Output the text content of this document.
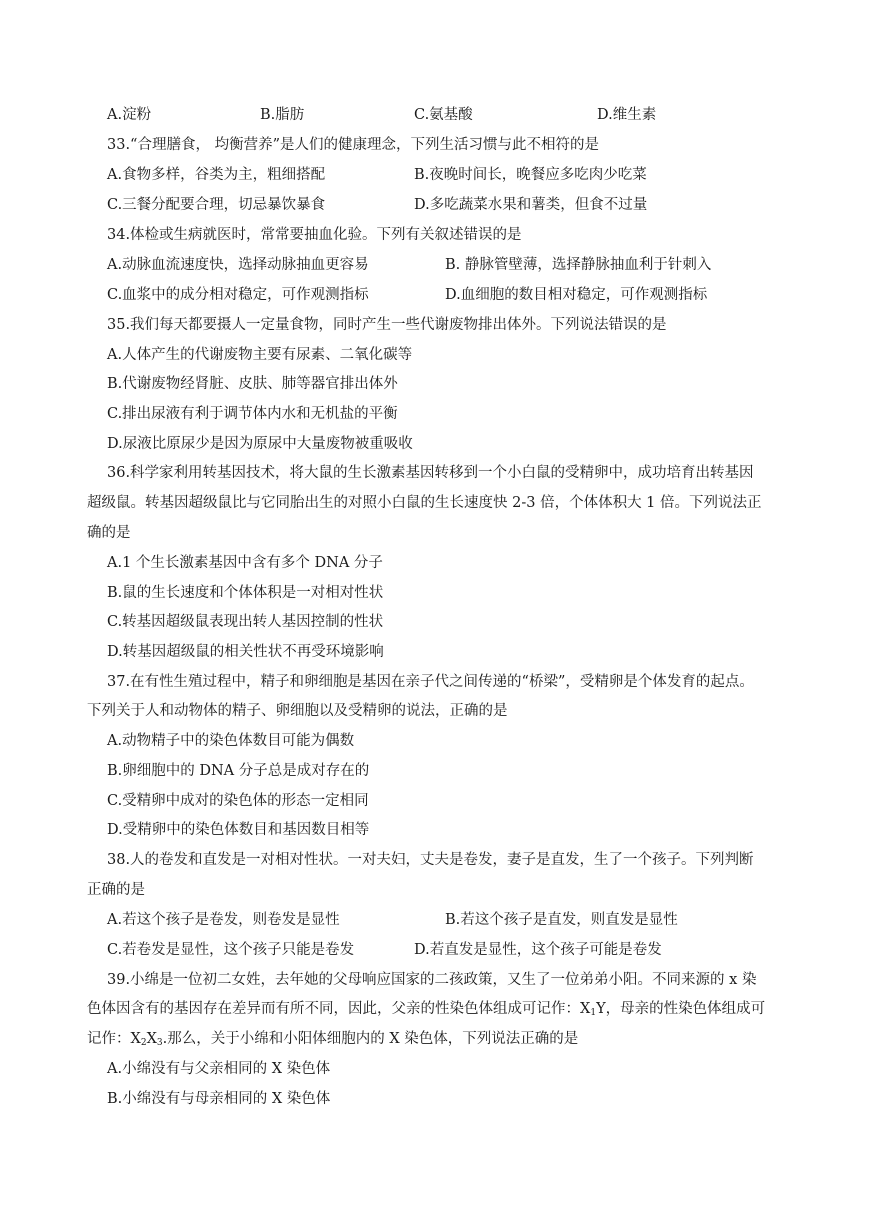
A.淀粉	B.脂肪	C.氨基酸	D.维生素
33.“合理膳食， 均衡营养”是人们的健康理念，下列生活习惯与此不相符的是
A.食物多样，谷类为主，粗细搭配	B.夜晚时间长，晚餐应多吃肉少吃菜
C.三餐分配要合理，切忌暴饮暴食	D.多吃蔬菜水果和薯类，但食不过量
34.体检或生病就医时，常常要抽血化验。下列有关叙述错误的是
A.动脉血流速度快，选择动脉抽血更容易	B. 静脉管壁薄，选择静脉抽血利于针刺入
C.血浆中的成分相对稳定，可作观测指标	D.血细胞的数目相对稳定，可作观测指标
35.我们每天都要摄人一定量食物，同时产生一些代谢废物排出体外。下列说法错误的是
A.人体产生的代谢废物主要有尿素、二氧化碳等
B.代谢废物经肾脏、皮肤、肺等器官排出体外
C.排出尿液有利于调节体内水和无机盐的平衡
D.尿液比原尿少是因为原尿中大量废物被重吸收
36.科学家利用转基因技术，将大鼠的生长激素基因转移到一个小白鼠的受精卵中，成功培育出转基因
超级鼠。转基因超级鼠比与它同胎出生的对照小白鼠的生长速度快 2-3 倍，个体体积大 1 倍。下列说法正
确的是
A.1 个生长激素基因中含有多个 DNA 分子
B.鼠的生长速度和个体体积是一对相对性状
C.转基因超级鼠表现出转人基因控制的性状
D.转基因超级鼠的相关性状不再受环境影响
37.在有性生殖过程中，精子和卵细胞是基因在亲子代之间传递的“桥梁”，受精卵是个体发育的起点。
下列关于人和动物体的精子、卵细胞以及受精卵的说法，正确的是
A.动物精子中的染色体数目可能为偶数
B.卵细胞中的 DNA 分子总是成对存在的
C.受精卵中成对的染色体的形态一定相同
D.受精卵中的染色体数目和基因数目相等
38.人的卷发和直发是一对相对性状。一对夫妇，丈夫是卷发，妻子是直发，生了一个孩子。下列判断
正确的是
A.若这个孩子是卷发，则卷发是显性	B.若这个孩子是直发，则直发是显性
C.若卷发是显性，这个孩子只能是卷发	D.若直发是显性，这个孩子可能是卷发
39.小绵是一位初二女姓，去年她的父母响应国家的二孩政策，又生了一位弟弟小阳。不同来源的 x 染
色体因含有的基因存在差异而有所不同，因此，父亲的性染色体组成可记作：$X_1Y$，母亲的性染色体组成可
记作：$X_2X_3$.那么，关于小绵和小阳体细胞内的 X 染色体，下列说法正确的是
A.小绵没有与父亲相同的 X 染色体
B.小绵没有与母亲相同的 X 染色体
